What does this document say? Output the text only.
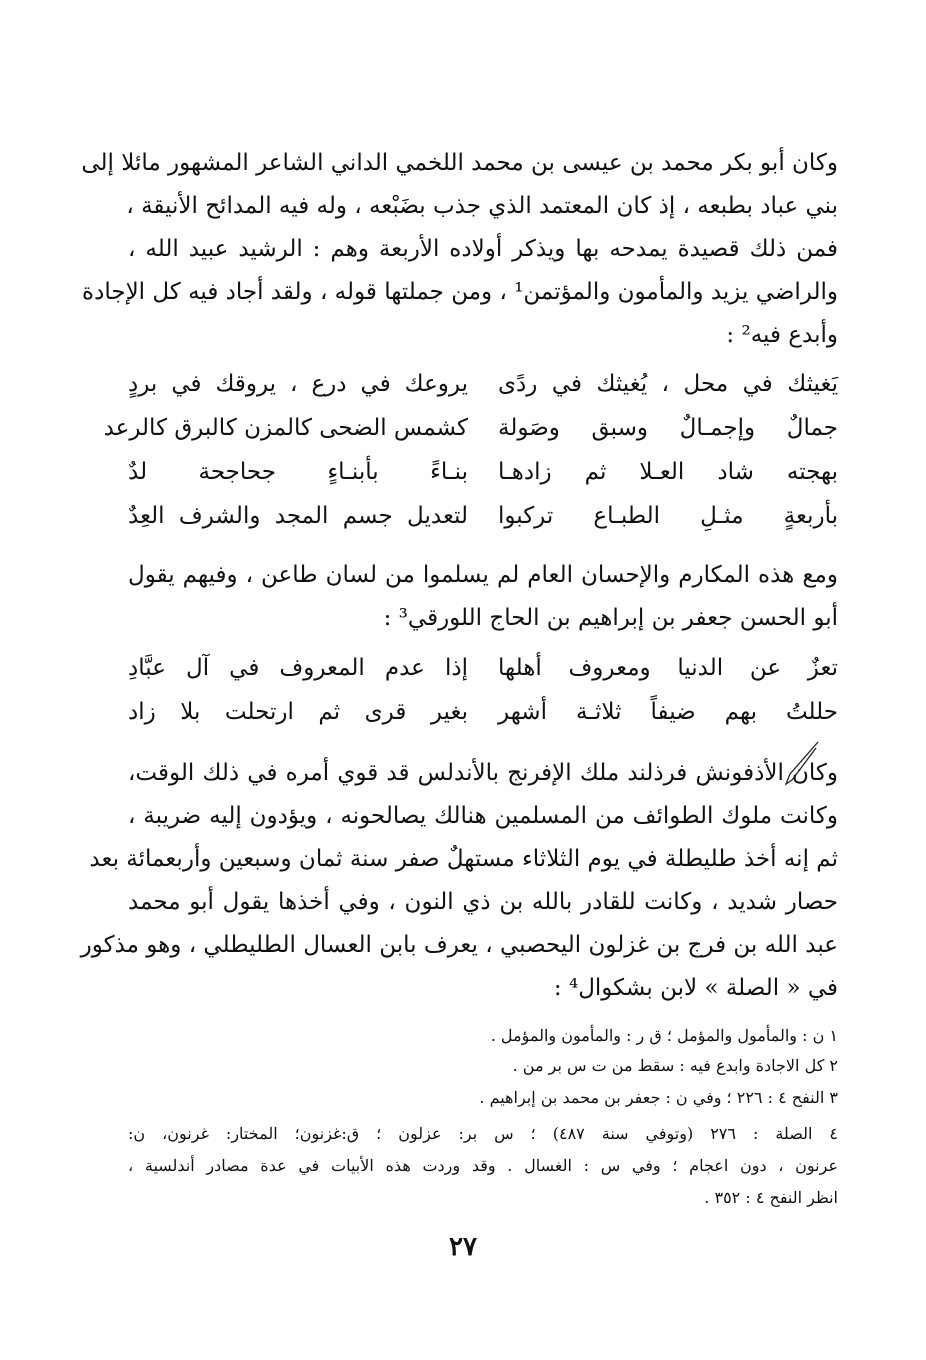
وكان أبو بكر محمد بن عيسى بن محمد اللخمي الداني الشاعر المشهور مائلا إلى
بني عباد بطبعه ، إذ كان المعتمد الذي جذب بضَبْعه ، وله فيه المدائح الأنيقة ،
فمن ذلك قصيدة يمدحه بها ويذكر أولاده الأربعة وهم : الرشيد عبيد الله ،
والراضي يزيد والمأمون والمؤتمن¹ ، ومن جملتها قوله ، ولقد أجاد فيه كل الإجادة
وأبدع فيه² :
يَغيثك في محل ، يُغيثك في ردًى
يروعك في درع ، يروقك في بردٍ
جمالٌ وإجمـالٌ وسبق وصَولة
كشمس الضحى كالمزن كالبرق كالرعد
بهجته شاد العـلا ثم زادهـا
بنـاءً بأبنـاءٍ جحاجحة لدٌ
بأربعةٍ مثـلِ الطبـاع تركبوا
لتعديل جسم المجد والشرف العِدٌ
ومع هذه المكارم والإحسان العام لم يسلموا من لسان طاعن ، وفيهم يقول
أبو الحسن جعفر بن إبراهيم بن الحاج اللورقي³ :
تعزٌ عن الدنيا ومعروف أهلها
إذا عدم المعروف في آل عبَّادِ
حللتُ بهم ضيفاً ثلاثـة أشهر
بغير قرى ثم ارتحلت بلا زاد
وكان الأذفونش فرذلند ملك الإفرنج بالأندلس قد قوي أمره في ذلك الوقت،
وكانت ملوك الطوائف من المسلمين هنالك يصالحونه ، ويؤدون إليه ضريبة ،
ثم إنه أخذ طليطلة في يوم الثلاثاء مستهلٌ صفر سنة ثمان وسبعين وأربعمائة بعد
حصار شديد ، وكانت للقادر بالله بن ذي النون ، وفي أخذها يقول أبو محمد
عبد الله بن فرج بن غزلون اليحصبي ، يعرف بابن العسال الطليطلي ، وهو مذكور
في « الصلة » لابن بشكوال⁴ :
١ ن : والمأمول والمؤمل ؛ ق ر : والمأمون والمؤمل .
٢ كل الاجادة وابدع فيه : سقط من ت س بر من .
٣ النفح ٤ : ٢٢٦ ؛ وفي ن : جعفر بن محمد بن إبراهيم .
٤ الصلة : ٢٧٦ (وتوفي سنة ٤٨٧) ؛ س بر: عزلون ؛ ق:غزنون؛ المختار: غرنون، ن:
عرنون ، دون اعجام ؛ وفي س : الغسال . وقد وردت هذه الأبيات في عدة مصادر أندلسية ،
انظر النفح ٤ : ٣٥٢ .
٢٧
